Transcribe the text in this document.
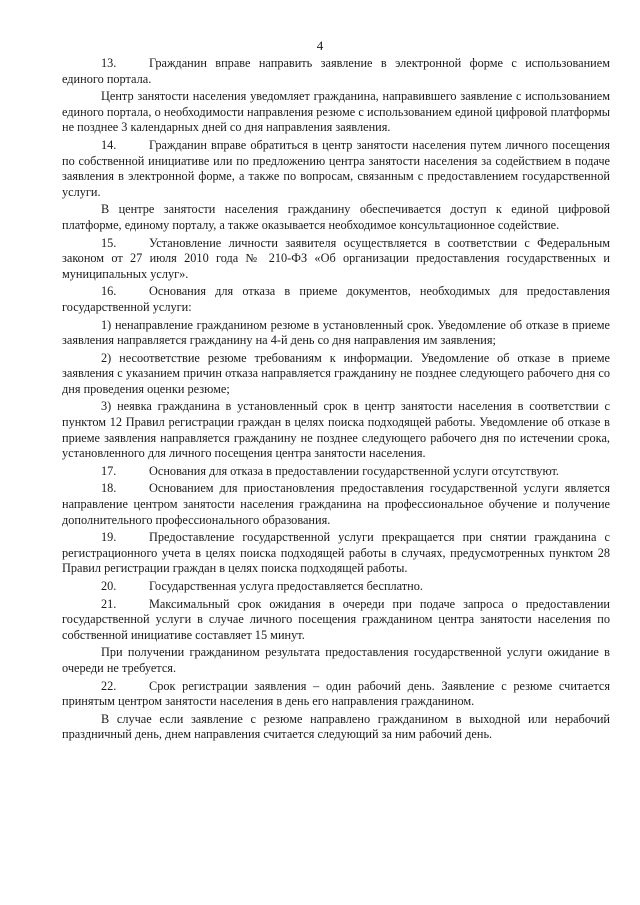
4

13.	Гражданин вправе направить заявление в электронной форме с использованием единого портала.

Центр занятости населения уведомляет гражданина, направившего заявление с использованием единого портала, о необходимости направления резюме с использованием единой цифровой платформы не позднее 3 календарных дней со дня направления заявления.

14.	Гражданин вправе обратиться в центр занятости населения путем личного посещения по собственной инициативе или по предложению центра занятости населения за содействием в подаче заявления в электронной форме, а также по вопросам, связанным с предоставлением государственной услуги.

В центре занятости населения гражданину обеспечивается доступ к единой цифровой платформе, единому порталу, а также оказывается необходимое консультационное содействие.

15.	Установление личности заявителя осуществляется в соответствии с Федеральным законом от 27 июля 2010 года № 210-ФЗ «Об организации предоставления государственных и муниципальных услуг».

16.	Основания для отказа в приеме документов, необходимых для предоставления государственной услуги:

1) ненаправление гражданином резюме в установленный срок. Уведомление об отказе в приеме заявления направляется гражданину на 4-й день со дня направления им заявления;

2) несоответствие резюме требованиям к информации. Уведомление об отказе в приеме заявления с указанием причин отказа направляется гражданину не позднее следующего рабочего дня со дня проведения оценки резюме;

3) неявка гражданина в установленный срок в центр занятости населения в соответствии с пунктом 12 Правил регистрации граждан в целях поиска подходящей работы. Уведомление об отказе в приеме заявления направляется гражданину не позднее следующего рабочего дня по истечении срока, установленного для личного посещения центра занятости населения.

17.	Основания для отказа в предоставлении государственной услуги отсутствуют.

18.	Основанием для приостановления предоставления государственной услуги является направление центром занятости населения гражданина на профессиональное обучение и получение дополнительного профессионального образования.

19.	Предоставление государственной услуги прекращается при снятии гражданина с регистрационного учета в целях поиска подходящей работы в случаях, предусмотренных пунктом 28 Правил регистрации граждан в целях поиска подходящей работы.

20.	Государственная услуга предоставляется бесплатно.

21.	Максимальный срок ожидания в очереди при подаче запроса о предоставлении государственной услуги в случае личного посещения гражданином центра занятости населения по собственной инициативе составляет 15 минут.

При получении гражданином результата предоставления государственной услуги ожидание в очереди не требуется.

22.	Срок регистрации заявления – один рабочий день. Заявление с резюме считается принятым центром занятости населения в день его направления гражданином.

В случае если заявление с резюме направлено гражданином в выходной или нерабочий праздничный день, днем направления считается следующий за ним рабочий день.
